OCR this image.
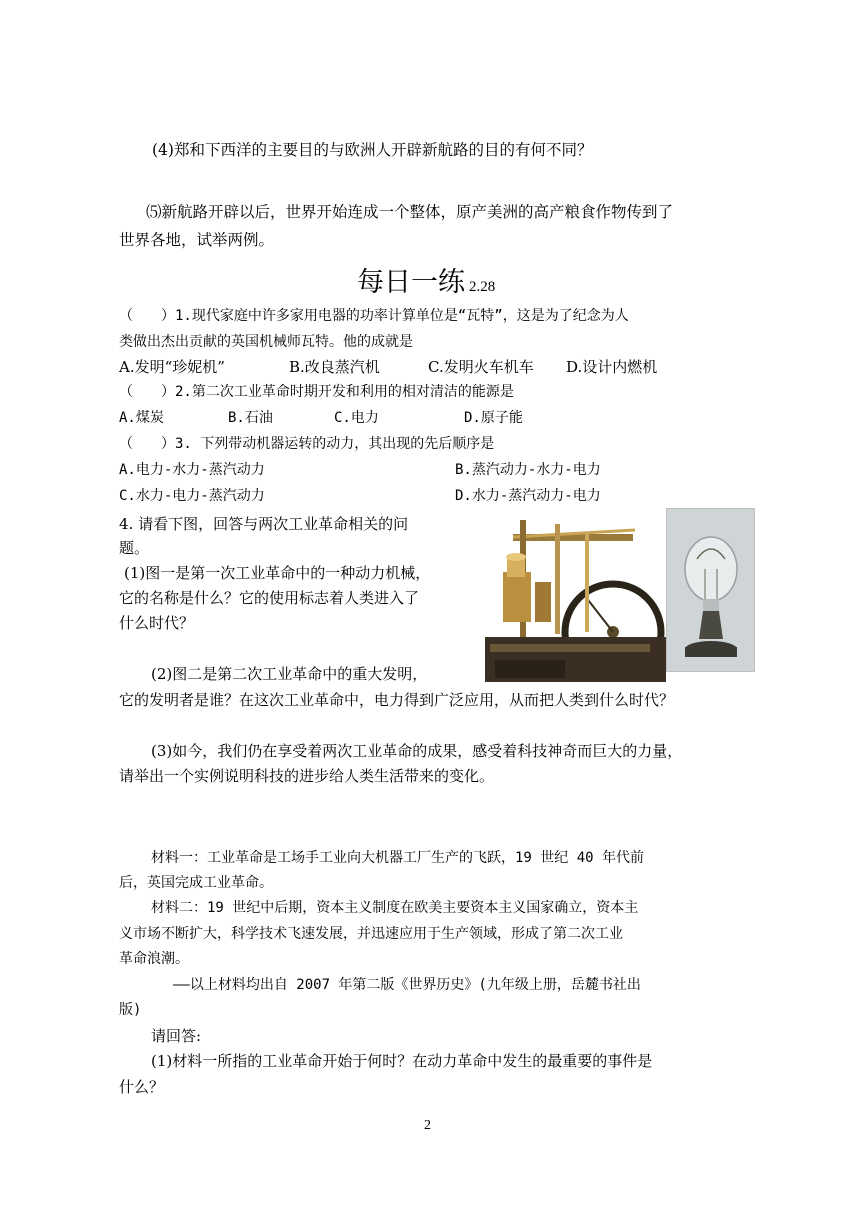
(4)郑和下西洋的主要目的与欧洲人开辟新航路的目的有何不同？
⑸新航路开辟以后，世界开始连成一个整体，原产美洲的高产粮食作物传到了
世界各地，试举两例。
每日一练 2.28
（　　）1.现代家庭中许多家用电器的功率计算单位是“瓦特”，这是为了纪念为人
类做出杰出贡献的英国机械师瓦特。他的成就是
A.发明“珍妮机”	B.改良蒸汽机	C.发明火车机车 D.设计内燃机
（　　）2.第二次工业革命时期开发和利用的相对清洁的能源是
A.煤炭	B.石油	C.电力	D.原子能
（　　）3. 下列带动机器运转的动力，其出现的先后顺序是
A.电力-水力-蒸汽动力	B.蒸汽动力-水力-电力
C.水力-电力-蒸汽动力	D.水力-蒸汽动力-电力
4. 请看下图，回答与两次工业革命相关的问
题。
(1)图一是第一次工业革命中的一种动力机械，
它的名称是什么？它的使用标志着人类进入了
什么时代？
(2)图二是第二次工业革命中的重大发明，
它的发明者是谁？在这次工业革命中，电力得到广泛应用，从而把人类到什么时代？
(3)如今，我们仍在享受着两次工业革命的成果，感受着科技神奇而巨大的力量，
请举出一个实例说明科技的进步给人类生活带来的变化。
材料一：工业革命是工场手工业向大机器工厂生产的飞跃，19 世纪 40 年代前
后，英国完成工业革命。
材料二：19 世纪中后期，资本主义制度在欧美主要资本主义国家确立，资本主
义市场不断扩大，科学技术飞速发展，并迅速应用于生产领域，形成了第二次工业
革命浪潮。
——以上材料均出自 2007 年第二版《世界历史》(九年级上册，岳麓书社出
版)
请回答:
(1)材料一所指的工业革命开始于何时？在动力革命中发生的最重要的事件是
什么？
2
